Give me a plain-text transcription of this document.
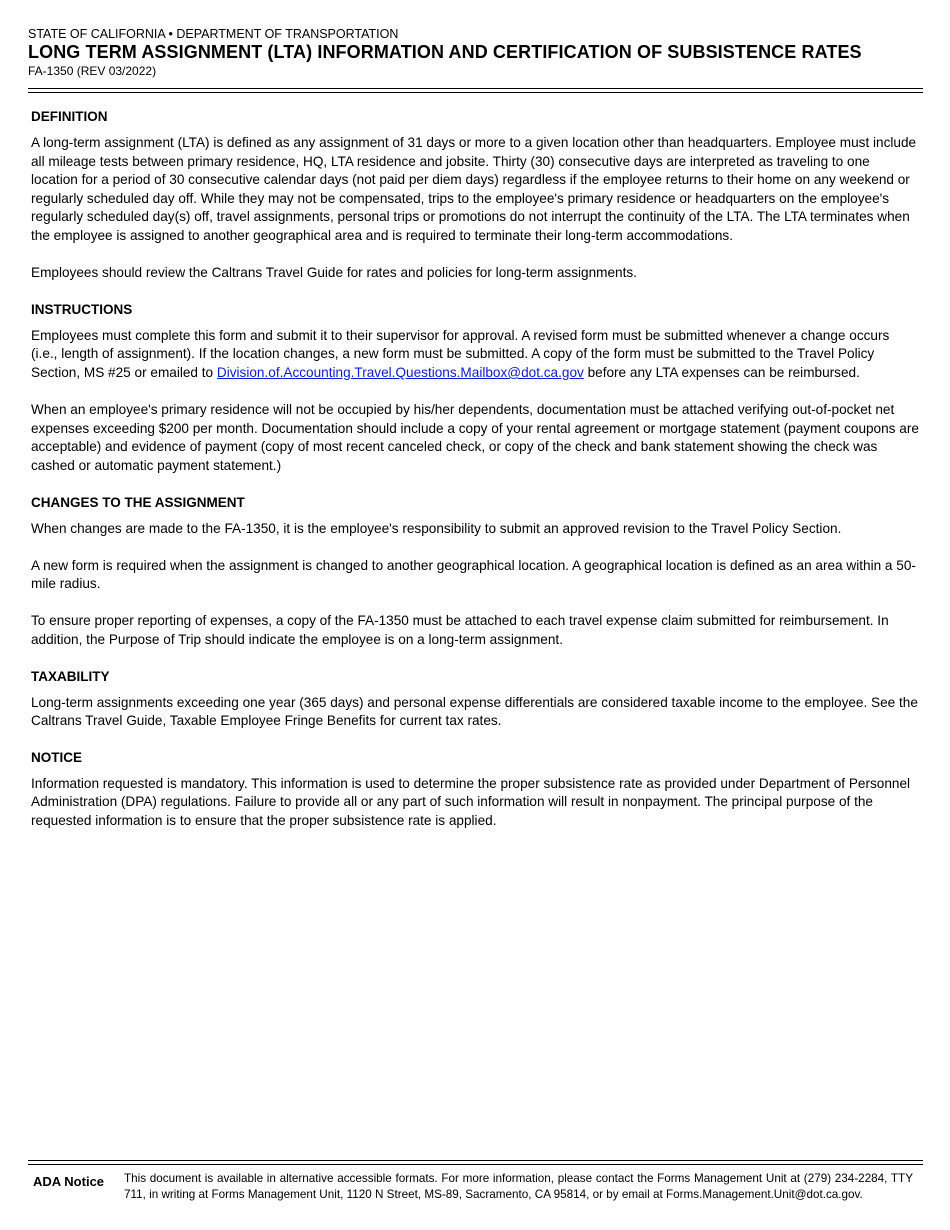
STATE OF CALIFORNIA • DEPARTMENT OF TRANSPORTATION
LONG TERM ASSIGNMENT (LTA) INFORMATION AND CERTIFICATION OF SUBSISTENCE RATES
FA-1350 (REV 03/2022)
DEFINITION

A long-term assignment (LTA) is defined as any assignment of 31 days or more to a given location other than headquarters. Employee must include all mileage tests between primary residence, HQ, LTA residence and jobsite. Thirty (30) consecutive days are interpreted as traveling to one location for a period of 30 consecutive calendar days (not paid per diem days) regardless if the employee returns to their home on any weekend or regularly scheduled day off. While they may not be compensated, trips to the employee's primary residence or headquarters on the employee's regularly scheduled day(s) off, travel assignments, personal trips or promotions do not interrupt the continuity of the LTA. The LTA terminates when the employee is assigned to another geographical area and is required to terminate their long-term accommodations.

Employees should review the Caltrans Travel Guide for rates and policies for long-term assignments.

INSTRUCTIONS

Employees must complete this form and submit it to their supervisor for approval. A revised form must be submitted whenever a change occurs (i.e., length of assignment). If the location changes, a new form must be submitted. A copy of the form must be submitted to the Travel Policy Section, MS #25 or emailed to Division.of.Accounting.Travel.Questions.Mailbox@dot.ca.gov before any LTA expenses can be reimbursed.

When an employee's primary residence will not be occupied by his/her dependents, documentation must be attached verifying out-of-pocket net expenses exceeding $200 per month. Documentation should include a copy of your rental agreement or mortgage statement (payment coupons are acceptable) and evidence of payment (copy of most recent canceled check, or copy of the check and bank statement showing the check was cashed or automatic payment statement.)

CHANGES TO THE ASSIGNMENT

When changes are made to the FA-1350, it is the employee's responsibility to submit an approved revision to the Travel Policy Section.

A new form is required when the assignment is changed to another geographical location. A geographical location is defined as an area within a 50-mile radius.

To ensure proper reporting of expenses, a copy of the FA-1350 must be attached to each travel expense claim submitted for reimbursement. In addition, the Purpose of Trip should indicate the employee is on a long-term assignment.

TAXABILITY

Long-term assignments exceeding one year (365 days) and personal expense differentials are considered taxable income to the employee. See the Caltrans Travel Guide, Taxable Employee Fringe Benefits for current tax rates.

NOTICE

Information requested is mandatory. This information is used to determine the proper subsistence rate as provided under Department of Personnel Administration (DPA) regulations. Failure to provide all or any part of such information will result in nonpayment. The principal purpose of the requested information is to ensure that the proper subsistence rate is applied.

ADA Notice This document is available in alternative accessible formats. For more information, please contact the Forms Management Unit at (279) 234-2284, TTY 711, in writing at Forms Management Unit, 1120 N Street, MS-89, Sacramento, CA 95814, or by email at Forms.Management.Unit@dot.ca.gov.
